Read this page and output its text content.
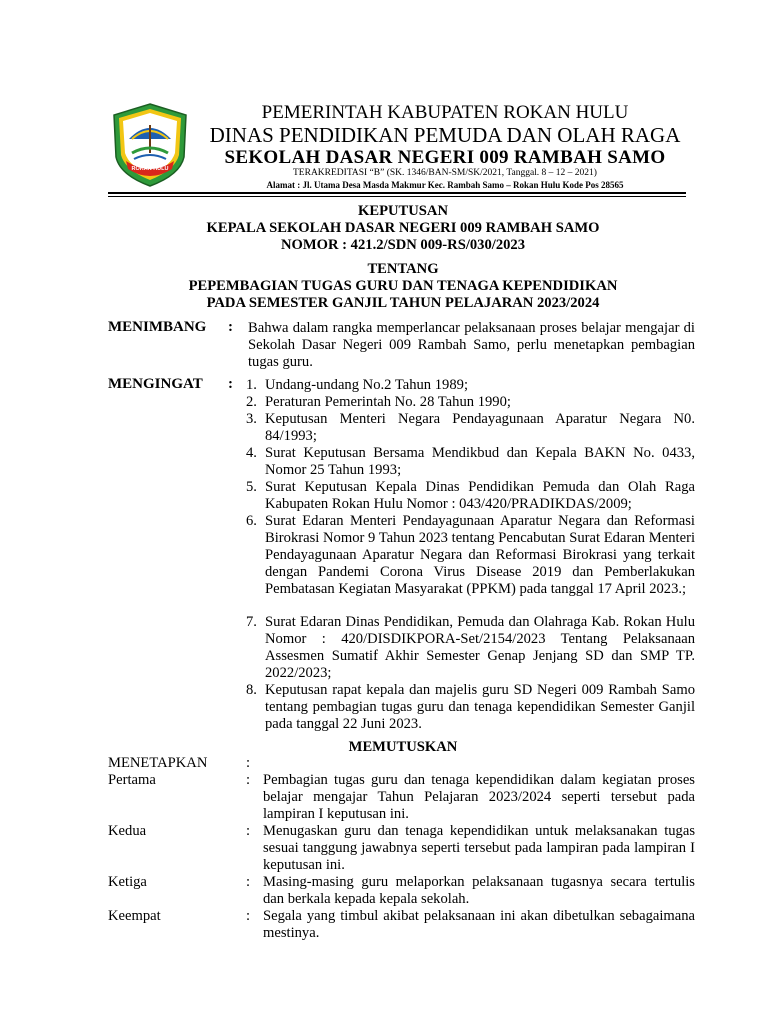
ROKAN HULU
PEMERINTAH KABUPATEN ROKAN HULU
DINAS PENDIDIKAN PEMUDA DAN OLAH RAGA
SEKOLAH DASAR NEGERI 009 RAMBAH SAMO
TERAKREDITASI “B” (SK. 1346/BAN-SM/SK/2021, Tanggal. 8 – 12 – 2021)
Alamat : Jl. Utama Desa Masda Makmur Kec. Rambah Samo – Rokan Hulu Kode Pos 28565
KEPUTUSAN
KEPALA SEKOLAH DASAR NEGERI 009 RAMBAH SAMO
NOMOR : 421.2/SDN 009-RS/030/2023
TENTANG
PEPEMBAGIAN TUGAS GURU DAN TENAGA KEPENDIDIKAN
PADA SEMESTER GANJIL TAHUN PELAJARAN 2023/2024
MENIMBANG : Bahwa dalam rangka memperlancar pelaksanaan proses belajar mengajar di Sekolah Dasar Negeri 009 Rambah Samo, perlu menetapkan pembagian tugas guru.
MENGINGAT : 1. Undang-undang No.2 Tahun 1989;
2. Peraturan Pemerintah No. 28 Tahun 1990;
3. Keputusan Menteri Negara Pendayagunaan Aparatur Negara N0. 84/1993;
4. Surat Keputusan Bersama Mendikbud dan Kepala BAKN No. 0433, Nomor 25 Tahun 1993;
5. Surat Keputusan Kepala Dinas Pendidikan Pemuda dan Olah Raga Kabupaten Rokan Hulu Nomor : 043/420/PRADIKDAS/2009;
6. Surat Edaran Menteri Pendayagunaan Aparatur Negara dan Reformasi Birokrasi Nomor 9 Tahun 2023 tentang Pencabutan Surat Edaran Menteri Pendayagunaan Aparatur Negara dan Reformasi Birokrasi yang terkait dengan Pandemi Corona Virus Disease 2019 dan Pemberlakukan Pembatasan Kegiatan Masyarakat (PPKM) pada tanggal 17 April 2023.;
7. Surat Edaran Dinas Pendidikan, Pemuda dan Olahraga Kab. Rokan Hulu Nomor : 420/DISDIKPORA-Set/2154/2023 Tentang Pelaksanaan Assesmen Sumatif Akhir Semester Genap Jenjang SD dan SMP TP. 2022/2023;
8. Keputusan rapat kepala dan majelis guru SD Negeri 009 Rambah Samo tentang pembagian tugas guru dan tenaga kependidikan Semester Ganjil pada tanggal 22 Juni 2023.
MEMUTUSKAN
MENETAPKAN	:
Pertama	: Pembagian tugas guru dan tenaga kependidikan dalam kegiatan proses belajar mengajar Tahun Pelajaran 2023/2024 seperti tersebut pada lampiran I keputusan ini.
Kedua	: Menugaskan guru dan tenaga kependidikan untuk melaksanakan tugas sesuai tanggung jawabnya seperti tersebut pada lampiran pada lampiran I keputusan ini.
Ketiga	: Masing-masing guru melaporkan pelaksanaan tugasnya secara tertulis dan berkala kepada kepala sekolah.
Keempat	: Segala yang timbul akibat pelaksanaan ini akan dibetulkan sebagaimana mestinya.
